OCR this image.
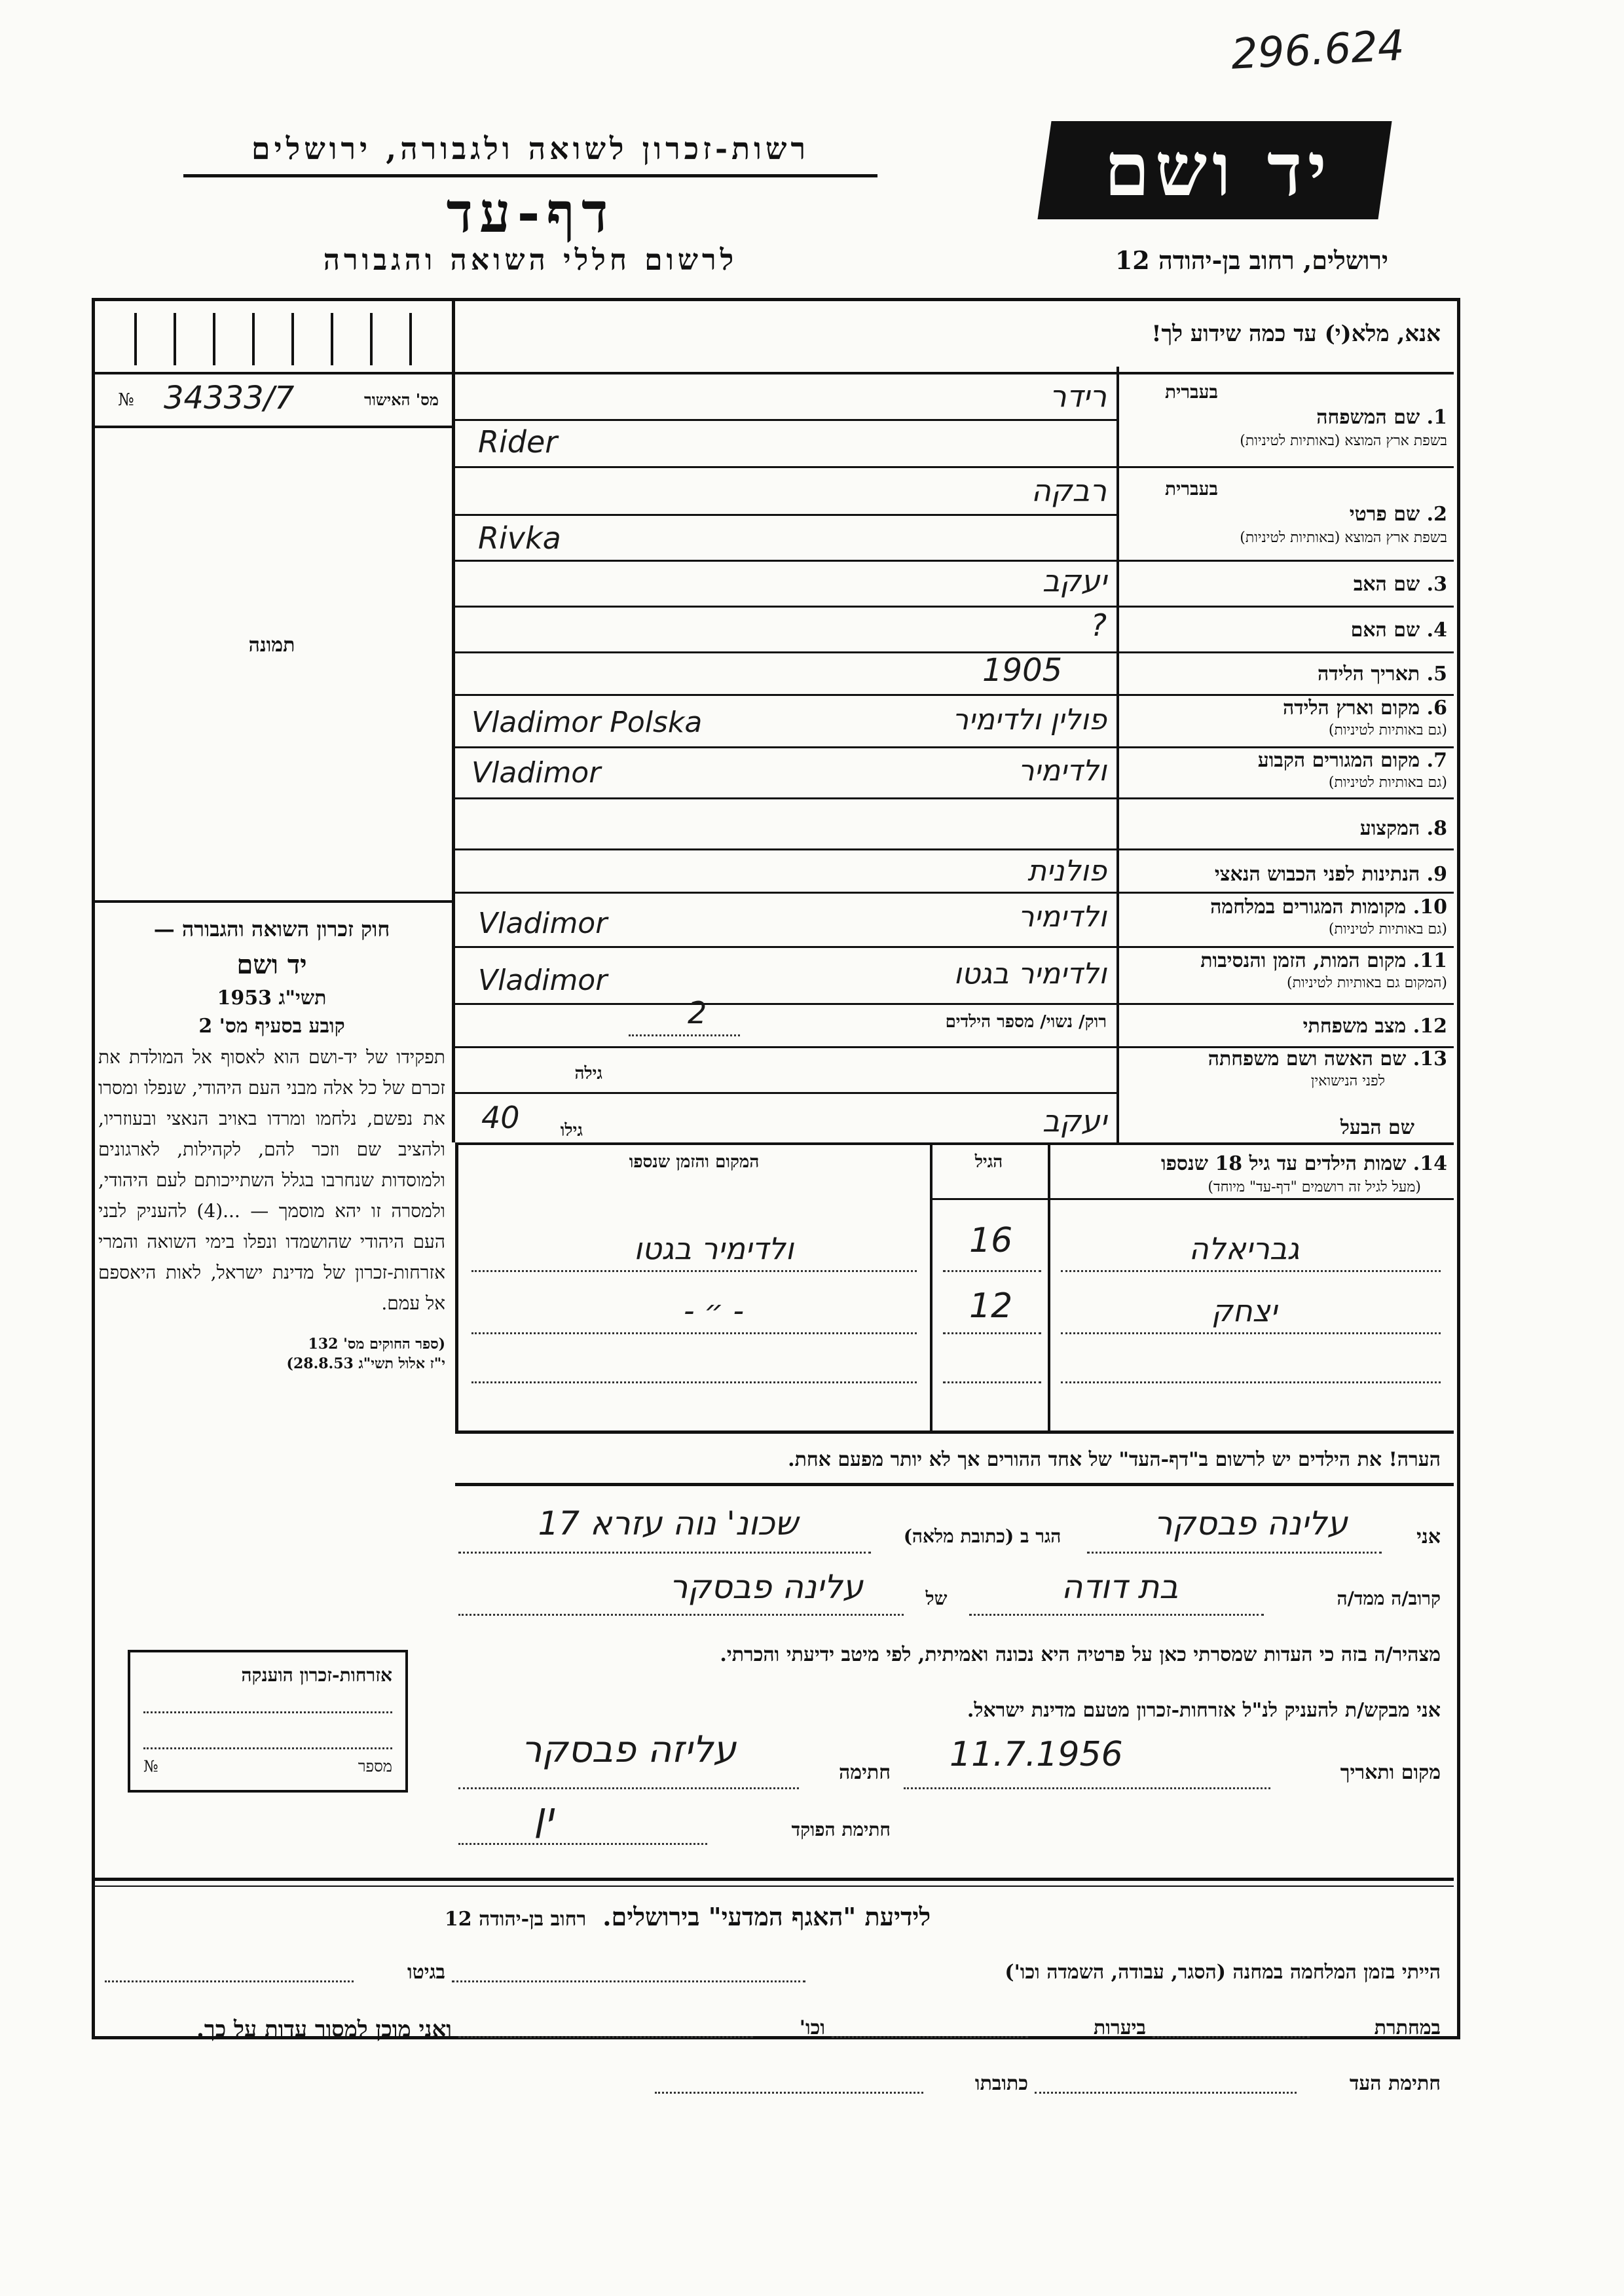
296.624
רשות-זכרון לשואה ולגבורה, ירושלים
דף-עד
לרשום חללי השואה והגבורה
יד ושם
ירושלים, רחוב בן-יהודה 12
אנא, מלא(י) עד כמה שידוע לך!
מס' האישור
34333/7
№
תמונה
בעברית
1. שם המשפחה
בשפת ארץ המוצא (באותיות לטיניות)
רידר
Rider
בעברית
2. שם פרטי
בשפת ארץ המוצא (באותיות לטיניות)
רבקה
Rivka
3. שם האב
יעקב
4. שם האם
?
5. תאריך הלידה
1905
6. מקום וארץ הלידה
(גם באותיות לטיניות)
פולין ולדימיר
Vladimor Polska
7. מקום המגורים הקבוע
(גם באותיות לטיניות)
ולדימיר
Vladimor
8. המקצוע
9. הנתינות לפני הכבוש הנאצי
פולנית
10. מקומות המגורים במלחמה
(גם באותיות לטיניות)
ולדימיר
Vladimor
11. מקום המות, הזמן והנסיבות
(המקום גם באותיות לטיניות)
ולדימיר בגטו
Vladimor
12. מצב משפחתי
רוק/ נשוי/ מספר הילדים
2
13. שם האשה ושם משפחתה
לפני הנישואין
גילה
שם הבעל
גילו
40	יעקב
חוק זכרון השואה והגבורה —
יד ושם
תשי"ג 1953
קובע בסעיף מס' 2
תפקידו של יד-ושם הוא לאסוף אל המולדת את זכרם של כל אלה מבני העם היהודי, שנפלו ומסרו את נפשם, נלחמו ומרדו באויב הנאצי ובעוזריו, ולהציב שם וזכר להם, לקהילות, לארגונים ולמוסדות שנחרבו בגלל השתייכותם לעם היהודי, ולמסרה זו יהא מוסמך — ...(4) להעניק לבני העם היהודי שהושמדו ונפלו בימי השואה והמרי אזרחות-זכרון של מדינת ישראל, לאות היאספם אל עמם.
(ספר החוקים מס' 132
י"ז אלול תשי"ג 28.8.53)
14. שמות הילדים עד גיל 18 שנספו
(מעל לגיל זה רושמים "דף-עד" מיוחד)
הגיל
המקום והזמן שנספו
גבריאלה
16
ולדימיר בגטו
יצחק
12
- ״ -
הערה! את הילדים יש לרשום ב"דף-העד" של אחד ההורים אך לא יותר מפעם אחת.
אזרחות-זכרון הוענקה
מספר
№
אני
עלינה פבסקר
הגר ב (כתובת מלאה)
שכונ' נוה עזרא 17
קרוב/ה ממד/ה
בת דודה
של
עלינה פבסקר
מצהיר/ה בזה כי העדות שמסרתי כאן על פרטיה היא נכונה ואמיתית, לפי מיטב ידיעתי והכרתי.
אני מבקש/ת להעניק לנ"ל אזרחות-זכרון מטעם מדינת ישראל.
מקום ותאריך
11.7.1956
חתימה
עליזה פבסקר
חתימת הפוקד
ין
לידיעת "האגף המדעי" בירושלים. רחוב בן-יהודה 12
הייתי בזמן המלחמה במחנה (הסגר, עבודה, השמדה וכו')
בגיטו
במחתרת
ביערות
וכו'
ואני מוכן למסור עדות על כך.
חתימת העד
כתובתו
